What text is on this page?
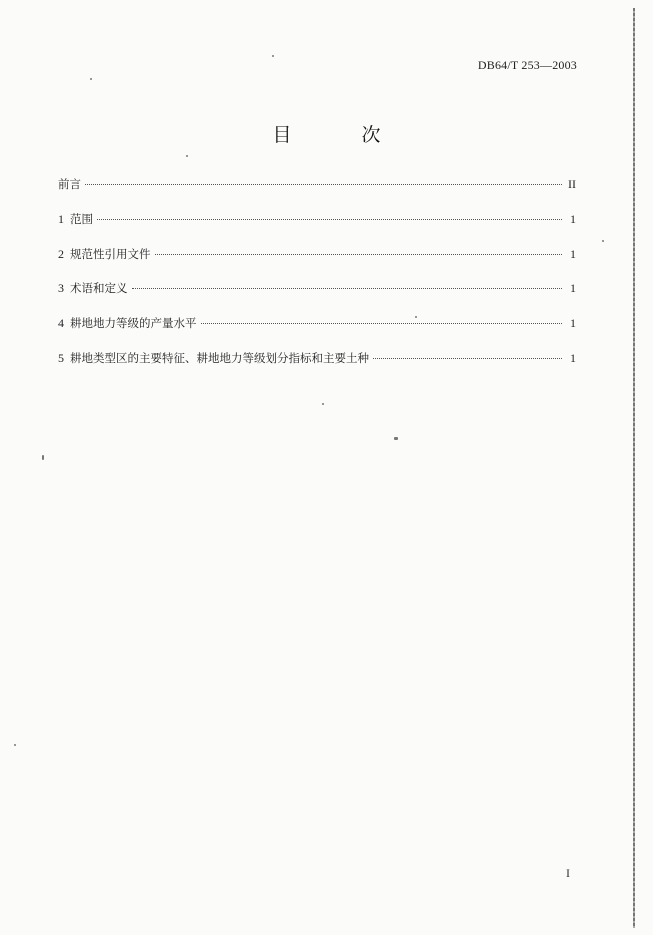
DB64/T 253—2003
目 次
前言	II
1 范围	1
2 规范性引用文件	1
3 术语和定义	1
4 耕地地力等级的产量水平	1
5 耕地类型区的主要特征、耕地地力等级划分指标和主要土种	1
I
